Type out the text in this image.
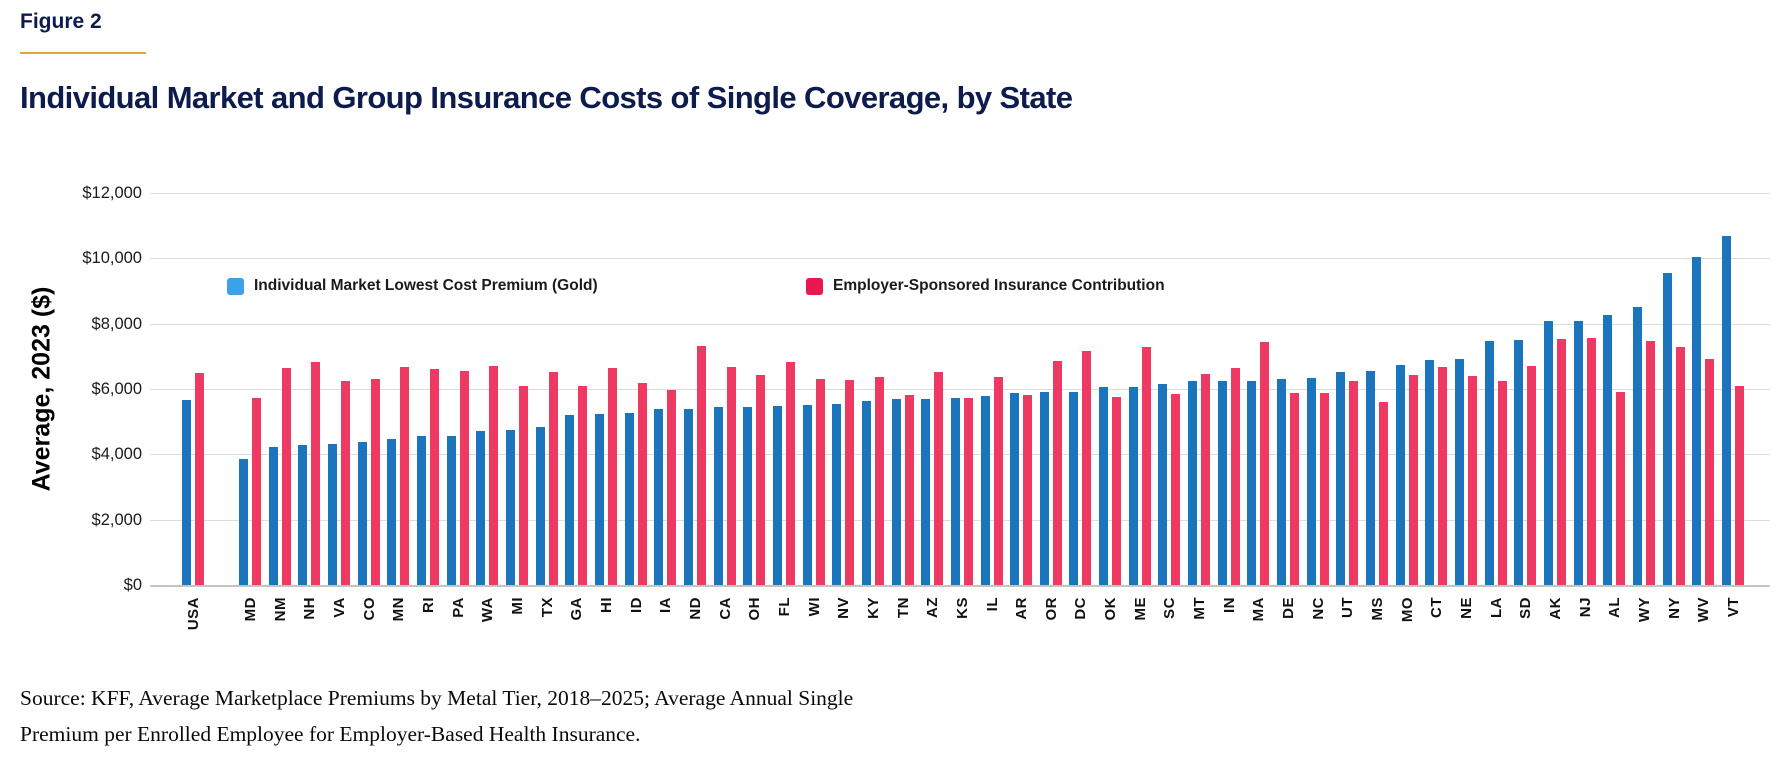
Figure 2
Individual Market and Group Insurance Costs of Single Coverage, by State
Average, 2023 ($)
$0
$2,000
$4,000
$6,000
$8,000
$10,000
$12,000
USA	MD NM NH VA CO MN RI PA WA MI TX GA HI ID IA ND CA OH FL WI NV KY TN AZ KS IL AR OR DC OK ME SC MT IN MA DE NC UT MS MO CT NE LA SD AK NJ AL WY NY WV VT
Individual Market Lowest Cost Premium (Gold)	Employer-Sponsored Insurance Contribution
Source: KFF, Average Marketplace Premiums by Metal Tier, 2018–2025; Average Annual Single
Premium per Enrolled Employee for Employer-Based Health Insurance.
